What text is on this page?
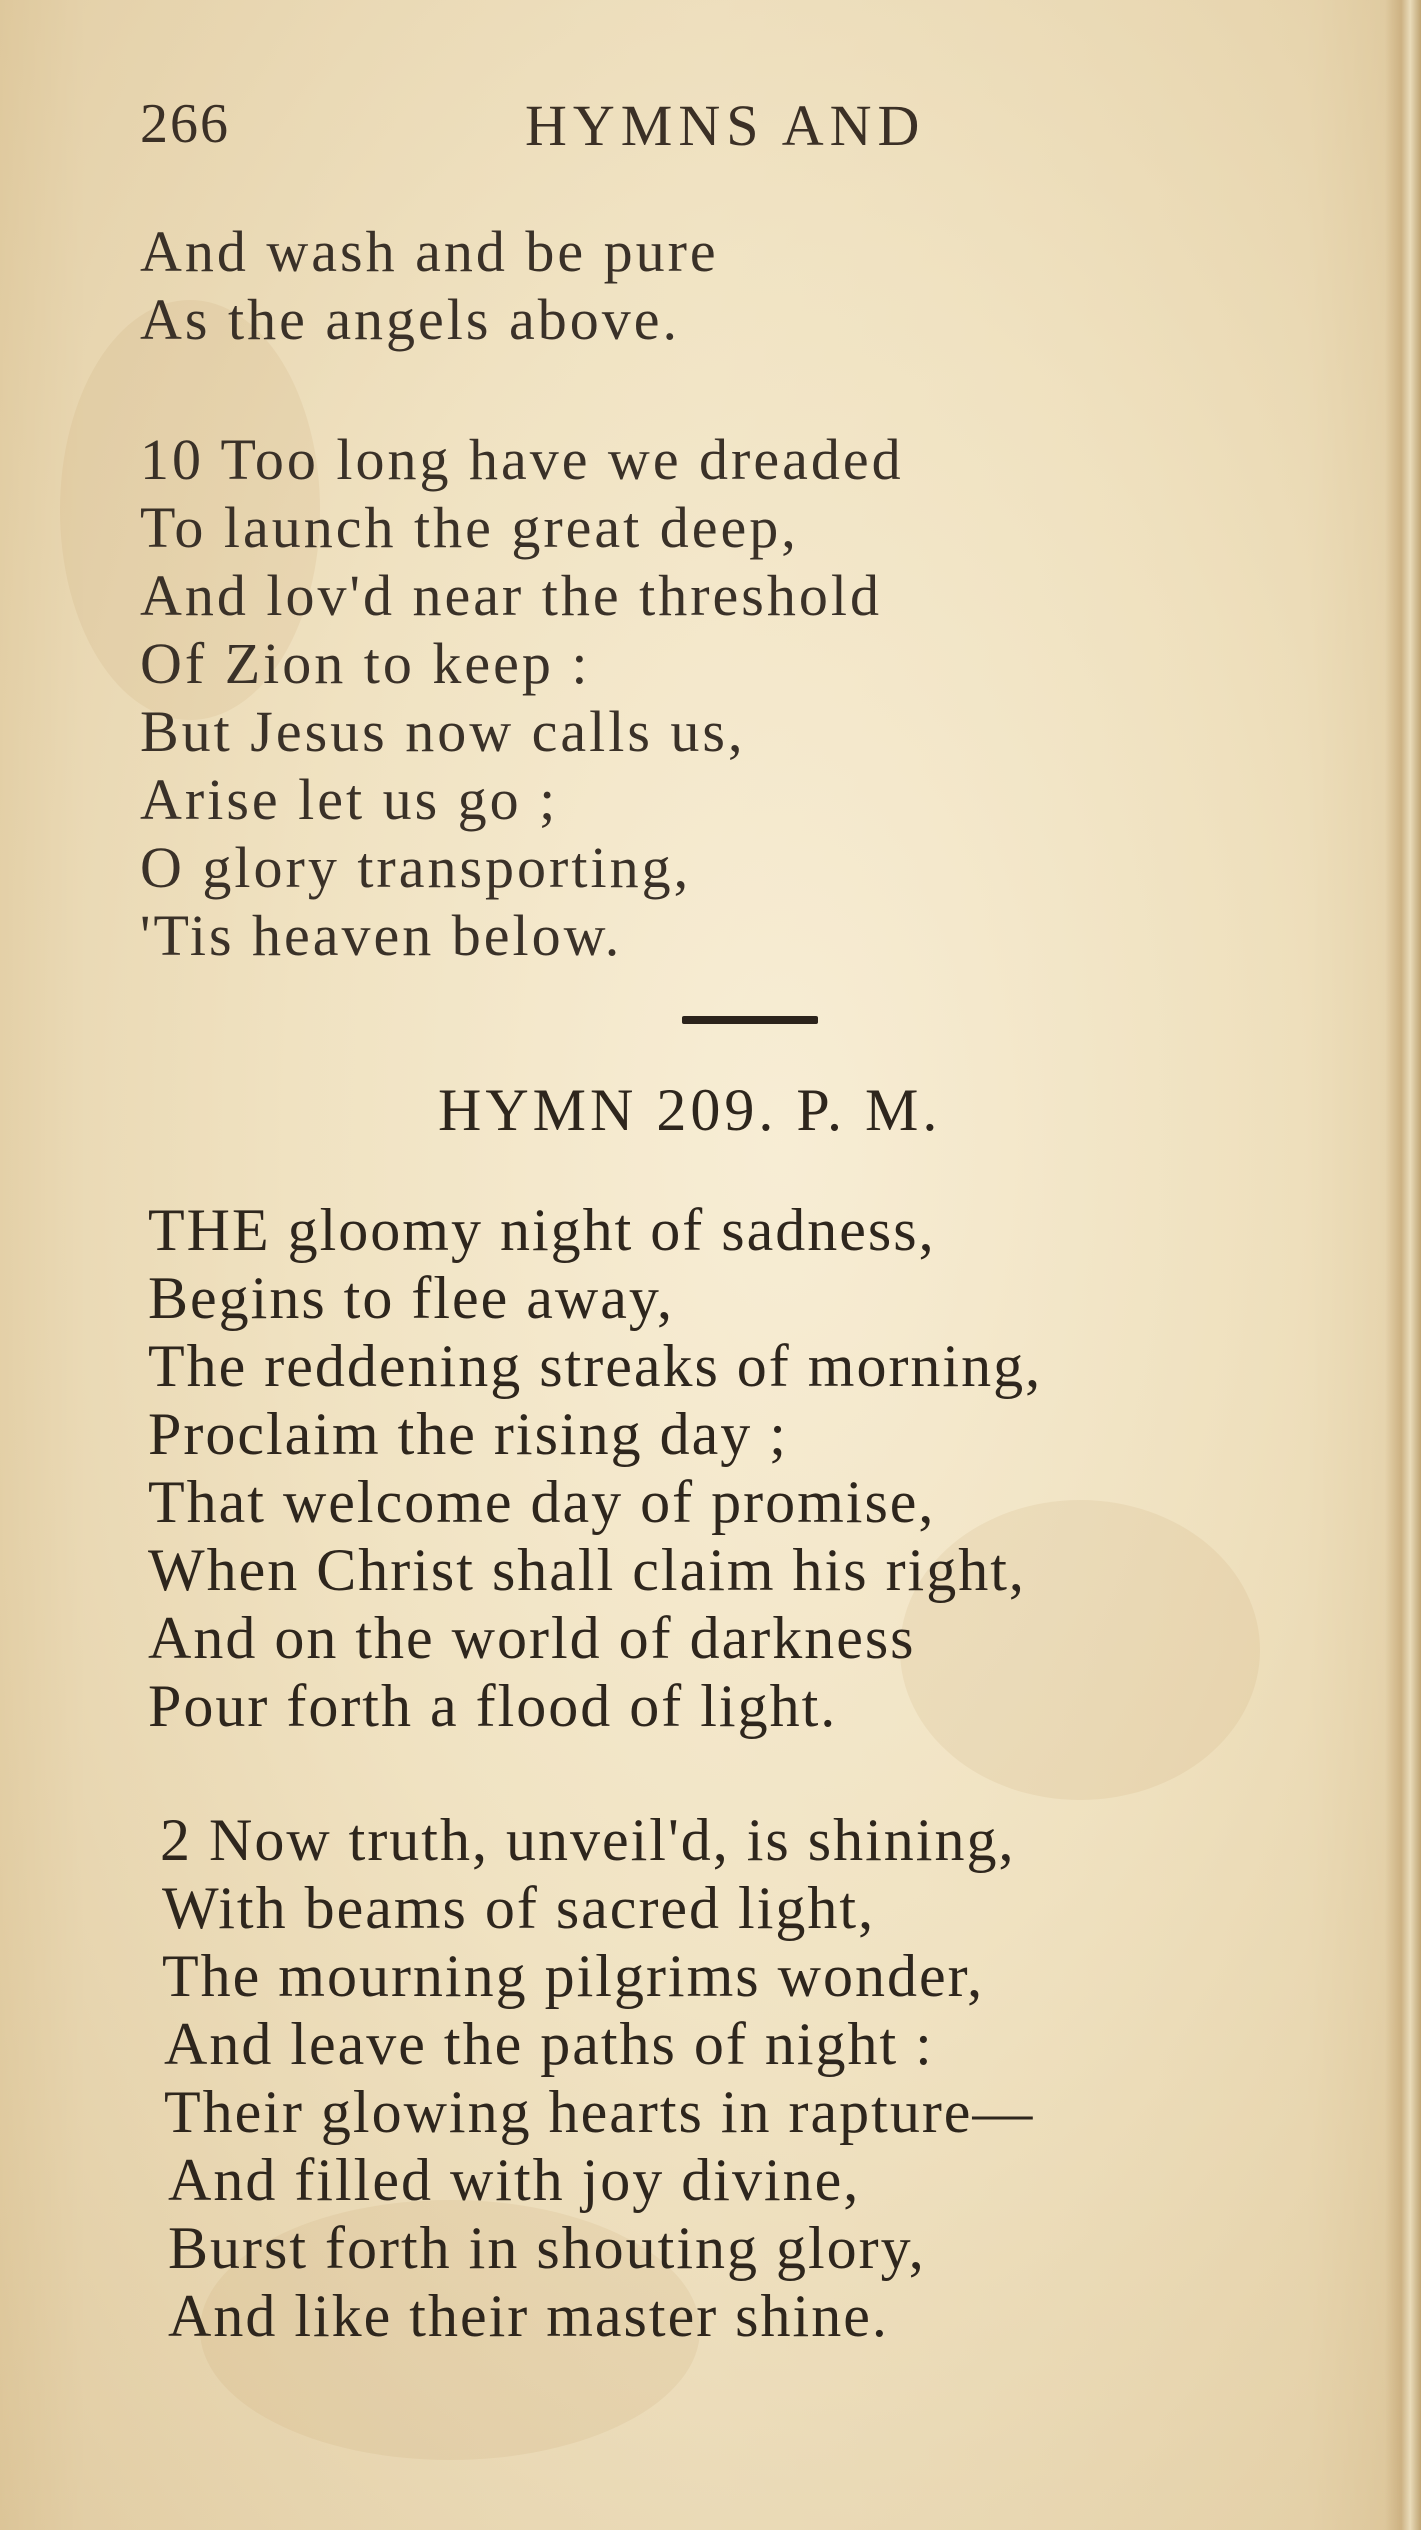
266	HYMNS AND
And wash and be pure
As the angels above.
10 Too long have we dreaded
To launch the great deep,
And lov'd near the threshold
Of Zion to keep :
But Jesus now calls us,
Arise let us go ;
O glory transporting,
'Tis heaven below.
HYMN 209. P. M.
THE gloomy night of sadness,
Begins to flee away,
The reddening streaks of morning,
Proclaim the rising day ;
That welcome day of promise,
When Christ shall claim his right,
And on the world of darkness
Pour forth a flood of light.
2 Now truth, unveil'd, is shining,
With beams of sacred light,
The mourning pilgrims wonder,
And leave the paths of night :
Their glowing hearts in rapture—
And filled with joy divine,
Burst forth in shouting glory,
And like their master shine.
